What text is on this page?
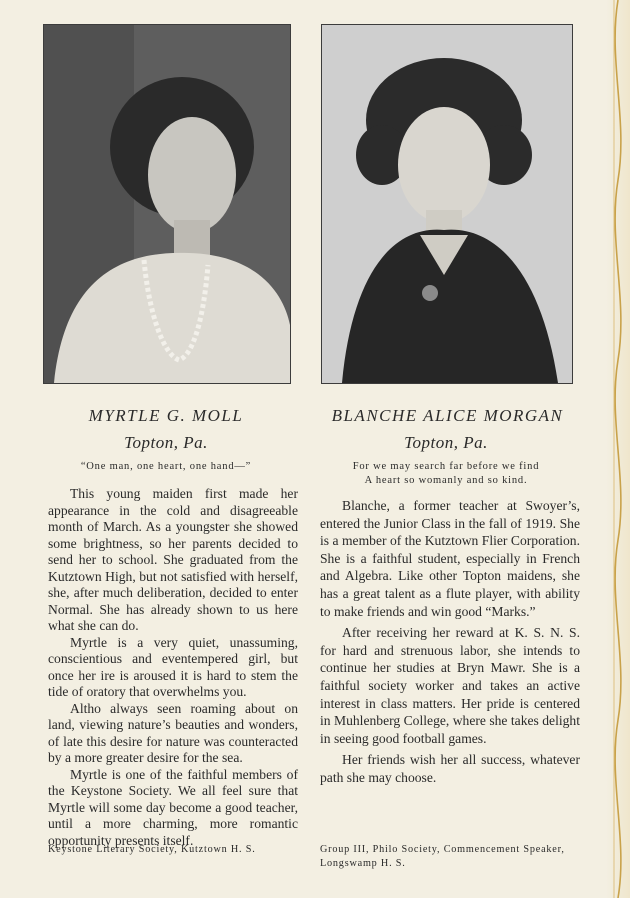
MYRTLE G. MOLL
Topton, Pa.
“One man, one heart, one hand—”

This young maiden first made her appearance in the cold and disagreeable month of March. As a youngster she showed some brightness, so her parents decided to send her to school. She graduated from the Kutztown High, but not satisfied with herself, she, after much deliberation, decided to enter Normal. She has already shown to us here what she can do.

Myrtle is a very quiet, unassuming, conscientious and eventempered girl, but once her ire is aroused it is hard to stem the tide of oratory that overwhelms you.

Altho always seen roaming about on land, viewing nature’s beauties and wonders, of late this desire for nature was counteracted by a more greater desire for the sea.

Myrtle is one of the faithful members of the Keystone Society. We all feel sure that Myrtle will some day become a good teacher, until a more charming, more romantic opportunity presents itself.

Keystone Literary Society, Kutztown H. S.
BLANCHE ALICE MORGAN
Topton, Pa.
For we may search far before we find
A heart so womanly and so kind.

Blanche, a former teacher at Swoyer’s, entered the Junior Class in the fall of 1919. She is a member of the Kutztown Flier Corporation. She is a faithful student, especially in French and Algebra. Like other Topton maidens, she has a great talent as a flute player, with ability to make friends and win good “Marks.”

After receiving her reward at K. S. N. S. for hard and strenuous labor, she intends to continue her studies at Bryn Mawr. She is a faithful society worker and takes an active interest in class matters. Her pride is centered in Muhlenberg College, where she takes delight in seeing good football games.

Her friends wish her all success, whatever path she may choose.

Group III, Philo Society, Commencement Speaker, Longswamp H. S.
